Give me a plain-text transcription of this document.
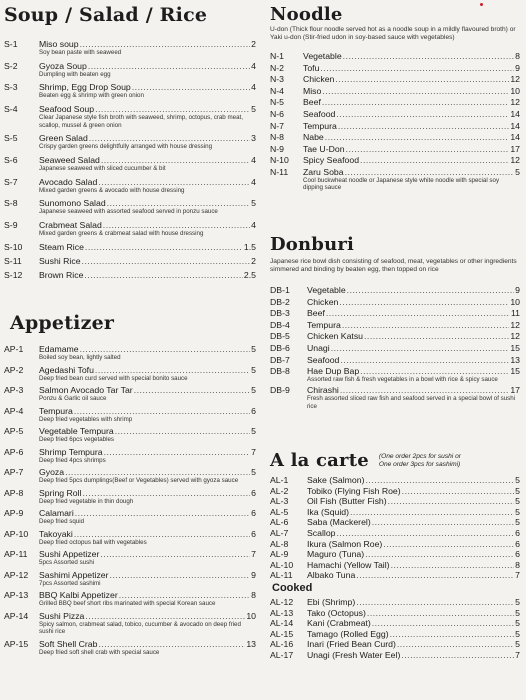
Soup / Salad / Rice
S-1	Miso soup .....	2
Soy bean paste with seaweed
S-2	Gyoza Soup .....	4
Dumpling with beaten egg
S-3	Shrimp, Egg Drop Soup .....	4
Beaten egg & shrimp with green onion
S-4	Seafood Soup .....	5
Clear Japanese style fish broth with seaweed, shrimp, octopus, crab meat, scallop, mussel & green onion
S-5	Green Salad .....	3
Crispy garden greens delightfully arranged with house dressing
S-6	Seaweed Salad .....	4
Japanese seaweed with sliced cucumber & bit
S-7	Avocado Salad .....	4
Mixed garden greens & avocado with house dressing
S-8	Sunomono Salad .....	5
Japanese seaweed with assorted seafood served in ponzu sauce
S-9	Crabmeat Salad .....	4
Mixed garden greens & crabmeat salad with house dressing
S-10	Steam Rice .....	1.5
S-11	Sushi Rice .....	2
S-12	Brown Rice .....	2.5
Appetizer
AP-1	Edamame .....	5
Boiled soy bean, lightly salted
AP-2	Agedashi Tofu .....	5
Deep fried bean curd served with special bonito sauce
AP-3	Salmon Avocado Tar Tar .....	5
Ponzu & Garlic oil sauce
AP-4	Tempura .....	6
Deep fried vegetables with shrimp
AP-5	Vegetable Tempura .....	5
Deep fried 6pcs vegetables
AP-6	Shrimp Tempura .....	7
Deep fried 4pcs shrimps
AP-7	Gyoza .....	5
Deep fried 5pcs dumplings(Beef or Vegetables) served with gyoza sauce
AP-8	Spring Roll .....	6
Deep fried vegetable in thin dough
AP-9	Calamari .....	6
Deep fried squid
AP-10	Takoyaki .....	6
Deep fried octopus ball with vegetables
AP-11	Sushi Appetizer .....	7
5pcs Assorted sushi
AP-12	Sashimi Appetizer .....	9
7pcs Assorted sashimi
AP-13	BBQ Kalbi Appetizer .....	8
Grilled BBQ beef short ribs marinated with special Korean sauce
AP-14	Sushi Pizza .....	10
Spicy salmon, crabmeat salad, tobico, cucumber & avocado on deep fried sushi rice
AP-15	Soft Shell Crab .....	13
Deep fried soft shell crab with special sauce
Noodle
U-don (Thick flour noodle served hot as a noodle soup in a mildly flavoured broth) or Yaki u-don (Stir-fried udon in soy-based sauce with vegetables)
N-1	Vegetable .....	8
N-2	Tofu .....	9
N-3	Chicken .....	12
N-4	Miso .....	10
N-5	Beef .....	12
N-6	Seafood .....	14
N-7	Tempura .....	14
N-8	Nabe .....	14
N-9	Tae U-Don .....	17
N-10	Spicy Seafood .....	12
N-11	Zaru Soba .....	5
Cool buckwheat noodle or Japanese style white noodle with special soy dipping sauce
Donburi
Japanese rice bowl dish consisting of seafood, meat, vegetables or other ingredients simmered and binding by beaten egg, then topped on rice
DB-1	Vegetable .....	9
DB-2	Chicken .....	10
DB-3	Beef .....	11
DB-4	Tempura .....	12
DB-5	Chicken Katsu .....	12
DB-6	Unagi .....	15
DB-7	Seafood .....	13
DB-8	Hae Dup Bap .....	15
Assorted raw fish & fresh vegetables in a bowl with rice & spicy sauce
DB-9	Chirashi .....	17
Fresh assorted sliced raw fish and seafood served in a special bowl of sushi rice
A la carte (One order 2pcs for sushi or
One order 3pcs for sashimi)
AL-1	Sake (Salmon) .....	5
AL-2	Tobiko (Flying Fish Roe) .....	5
AL-3	Oil Fish (Butter Fish) .....	5
AL-5	Ika (Squid) .....	5
AL-6	Saba (Mackerel) .....	5
AL-7	Scallop .....	6
AL-8	Ikura (Salmon Roe) .....	6
AL-9	Maguro (Tuna) .....	6
AL-10	Hamachi (Yellow Tail) .....	8
AL-11	Albako Tuna .....	7
Cooked
AL-12	Ebi (Shrimp) .....	5
AL-13	Tako (Octopus) .....	5
AL-14	Kani (Crabmeat) .....	5
AL-15	Tamago (Rolled Egg) .....	5
AL-16	Inari (Fried Bean Curd) .....	5
AL-17	Unagi (Fresh Water Eel) .....	7
